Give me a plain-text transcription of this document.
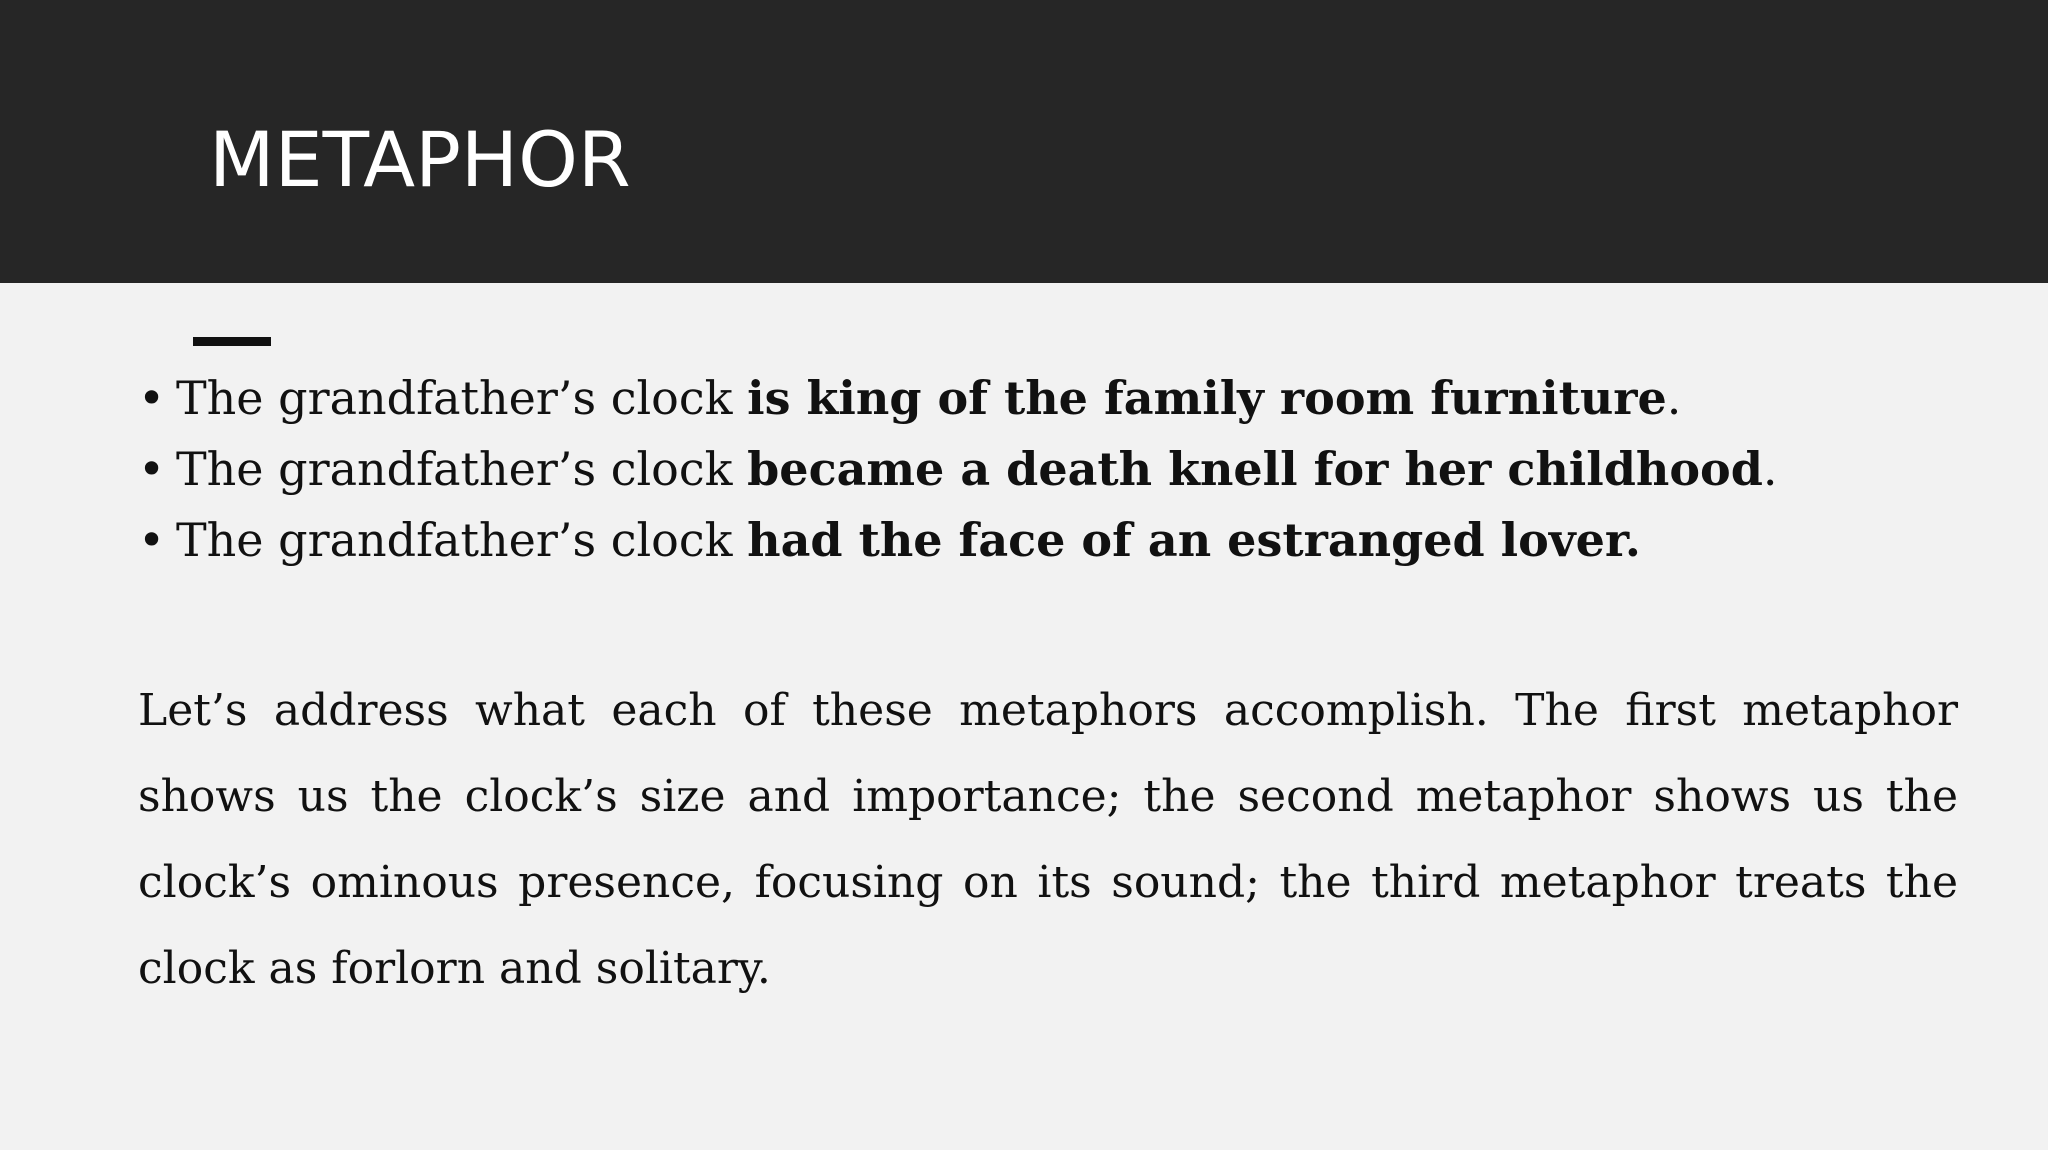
METAPHOR
• The grandfather’s clock is king of the family room furniture.
• The grandfather’s clock became a death knell for her childhood.
• The grandfather’s clock had the face of an estranged lover.

Let’s address what each of these metaphors accomplish. The first metaphor shows us the clock’s size and importance; the second metaphor shows us the clock’s ominous presence, focusing on its sound; the third metaphor treats the clock as forlorn and solitary.
